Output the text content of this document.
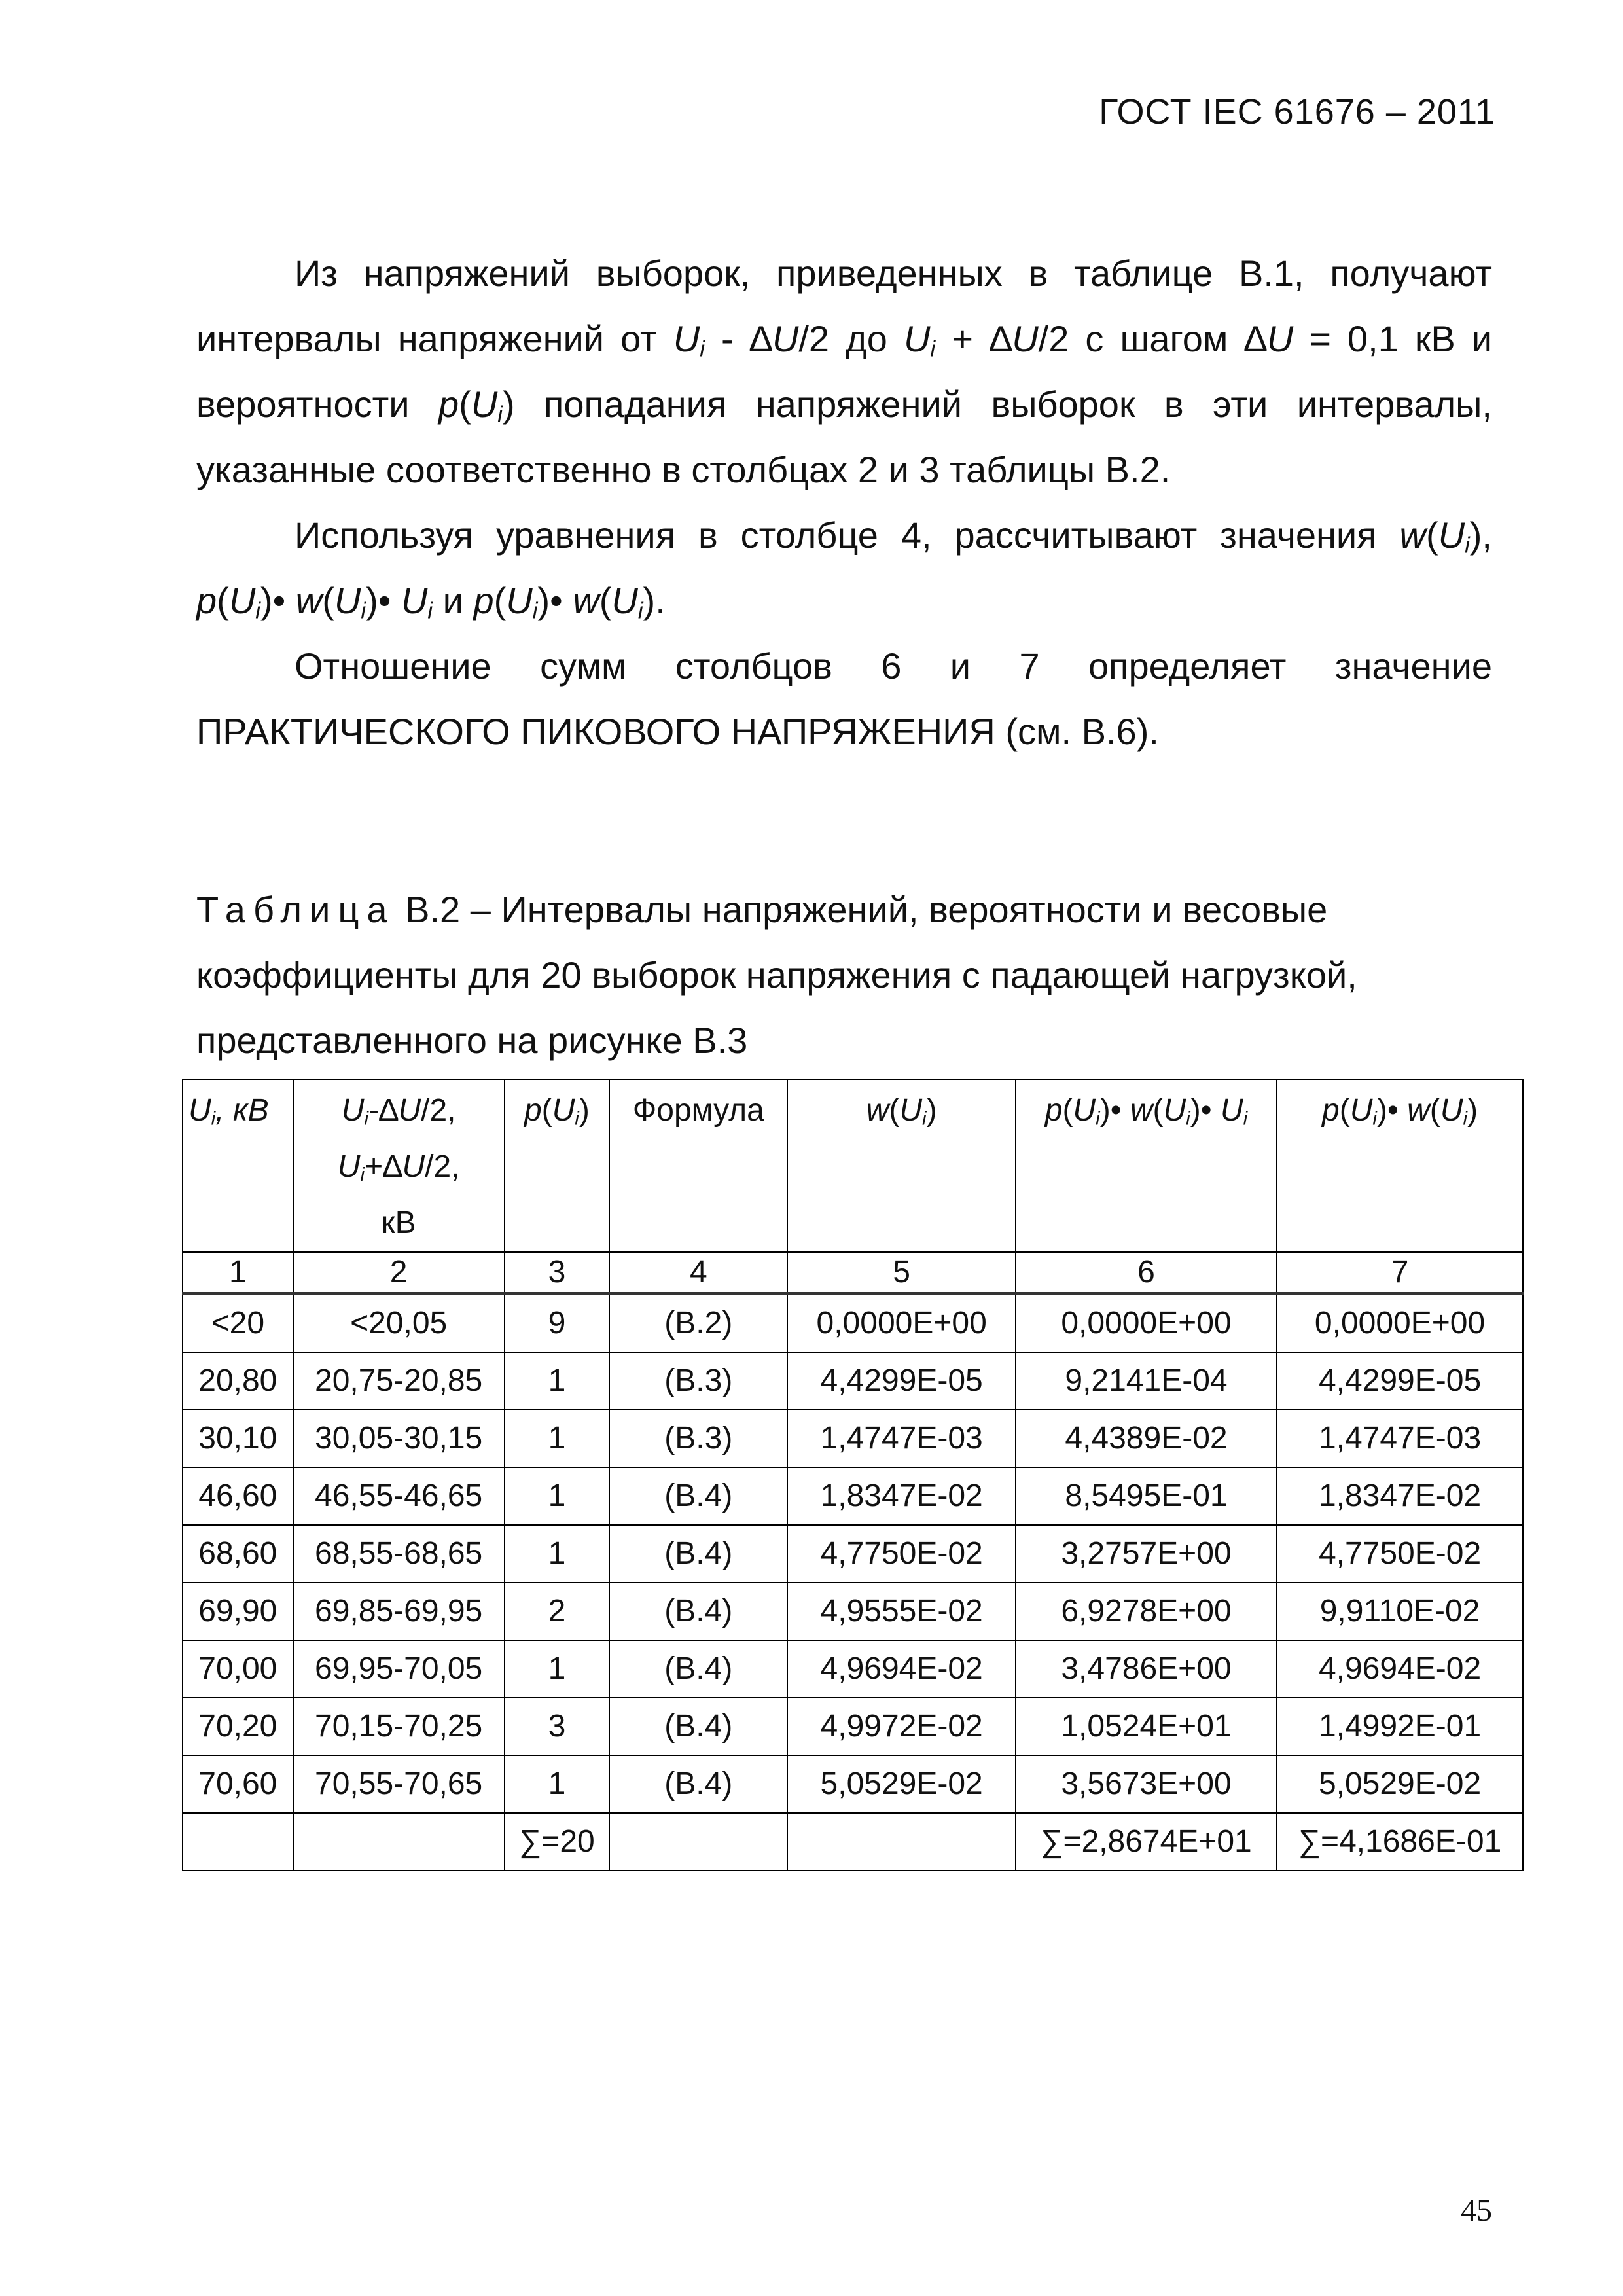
ГОСТ IEC 61676 – 2011

Из напряжений выборок, приведенных в таблице В.1, получают интервалы напряжений от $U_i - \Delta U/2$ до $U_i + \Delta U/2$ с шагом ∆U = 0,1 кВ и вероятности $p(U_i)$ попадания напряжений выборок в эти интервалы, указанные соответственно в столбцах 2 и 3 таблицы В.2.

Используя уравнения в столбце 4, рассчитывают значения $w(U_i)$, $p(U_i)•$ $w(U_i)•$ $U_i$ и $p(U_i)•$ $w(U_i)$.

Отношение сумм столбцов 6 и 7 определяет значение ПРАКТИЧЕСКОГО ПИКОВОГО НАПРЯЖЕНИЯ (см. В.6).

Таблица В.2 – Интервалы напряжений, вероятности и весовые коэффициенты для 20 выборок напряжения с падающей нагрузкой, представленного на рисунке В.3
$U_i$, кВ	$U_i-\Delta U/2$,
$U_i+\Delta U/2$,
кВ	$p(U_i)$	Формула	$w(U_i)$	$p(U_i)•$ $w(U_i)•$ $U_i$	$p(U_i)•$ $w(U_i)$
1	2	3	4	5	6	7
<20	<20,05	9	(B.2)	0,0000E+00	0,0000E+00	0,0000E+00
20,80	20,75-20,85	1	(B.3)	4,4299E-05	9,2141E-04	4,4299E-05
30,10	30,05-30,15	1	(B.3)	1,4747E-03	4,4389E-02	1,4747E-03
46,60	46,55-46,65	1	(B.4)	1,8347E-02	8,5495E-01	1,8347E-02
68,60	68,55-68,65	1	(B.4)	4,7750E-02	3,2757E+00	4,7750E-02
69,90	69,85-69,95	2	(B.4)	4,9555E-02	6,9278E+00	9,9110E-02
70,00	69,95-70,05	1	(B.4)	4,9694E-02	3,4786E+00	4,9694E-02
70,20	70,15-70,25	3	(B.4)	4,9972E-02	1,0524E+01	1,4992E-01
70,60	70,55-70,65	1	(B.4)	5,0529E-02	3,5673E+00	5,0529E-02
		∑=20			∑=2,8674E+01	∑=4,1686E-01
45
